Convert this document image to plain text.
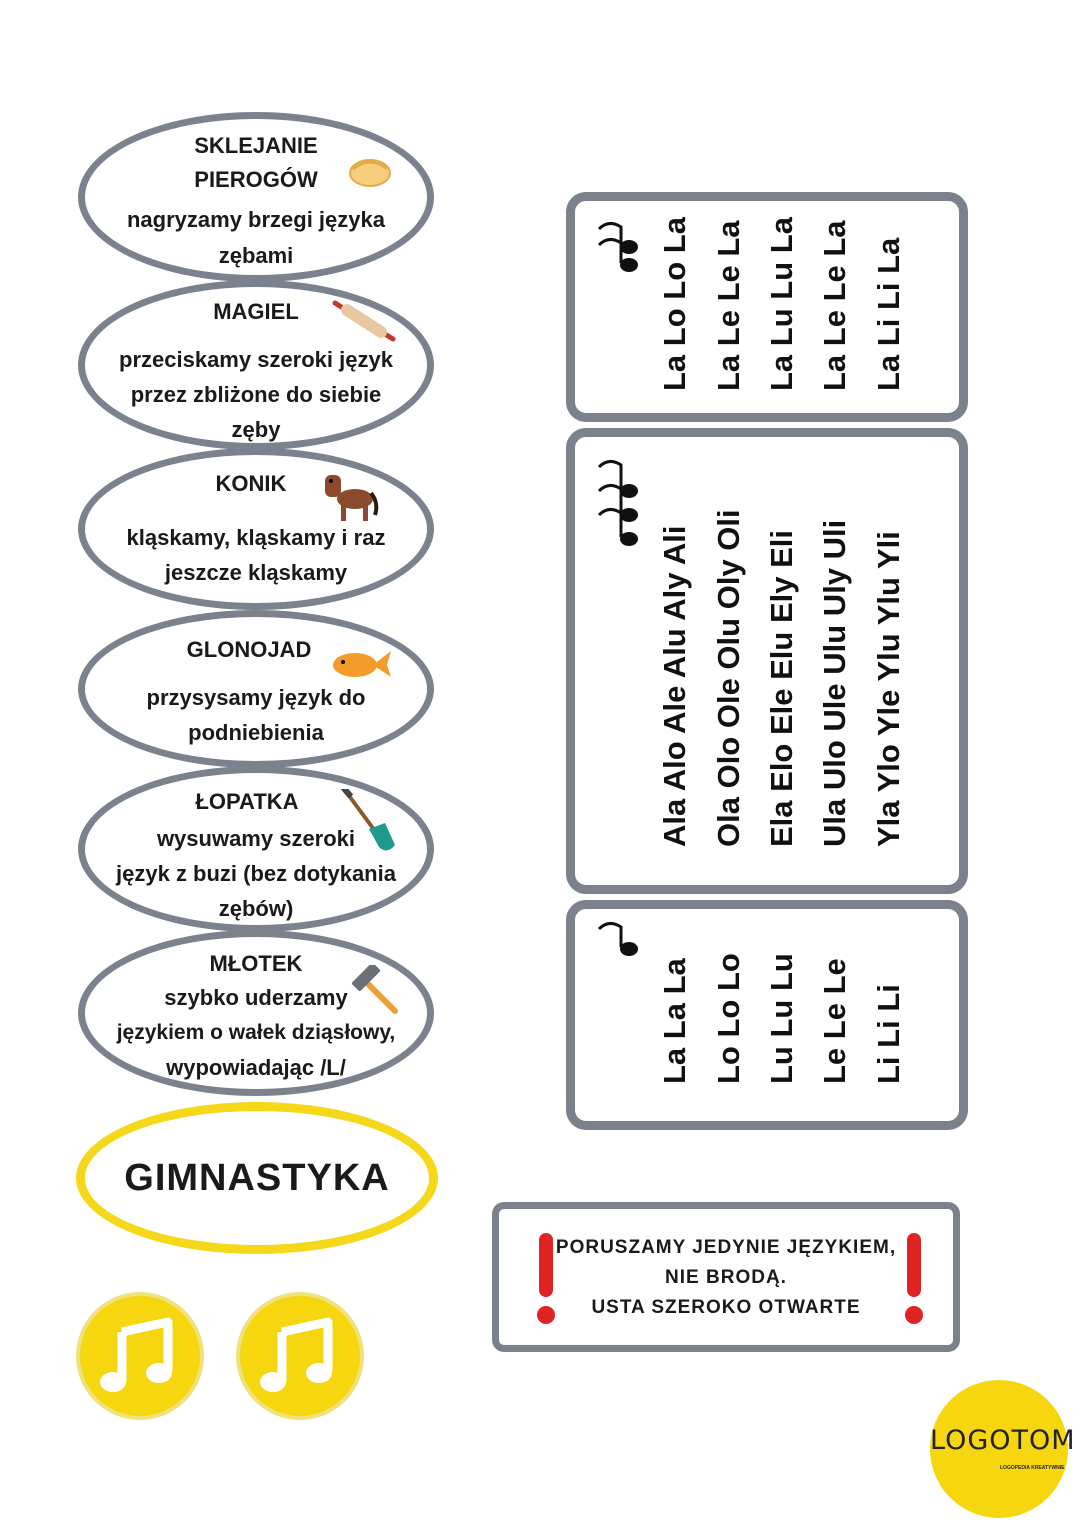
SKLEJANIE
PIEROGÓW
nagryzamy brzegi języka
zębami
MAGIEL
przeciskamy szeroki język
przez zbliżone do siebie
zęby
KONIK
kląskamy, kląskamy i raz
jeszcze kląskamy
GLONOJAD
przysysamy język do
podniebienia
ŁOPATKA
wysuwamy szeroki
język z buzi (bez dotykania
zębów)
MŁOTEK
szybko uderzamy
językiem o wałek dziąsłowy,
wypowiadając /L/
GIMNASTYKA
La Lo Lo La La Le Le La La Lu Lu La La Le Le La La Li Li La
Ala Alo Ale Alu Aly Ali Ola Olo Ole Olu Oly Oli Ela Elo Ele Elu Ely Eli Ula Ulo Ule Ulu Uly Uli Yla Ylo Yle Ylu Ylu Yli
La La La Lo Lo Lo Lu Lu Lu Le Le Le Li Li Li
PORUSZAMY JEDYNIE JĘZYKIEM,
NIE BRODĄ.
USTA SZEROKO OTWARTE
LOGOTOM
LOGOPEDIA KREATYWNIE
